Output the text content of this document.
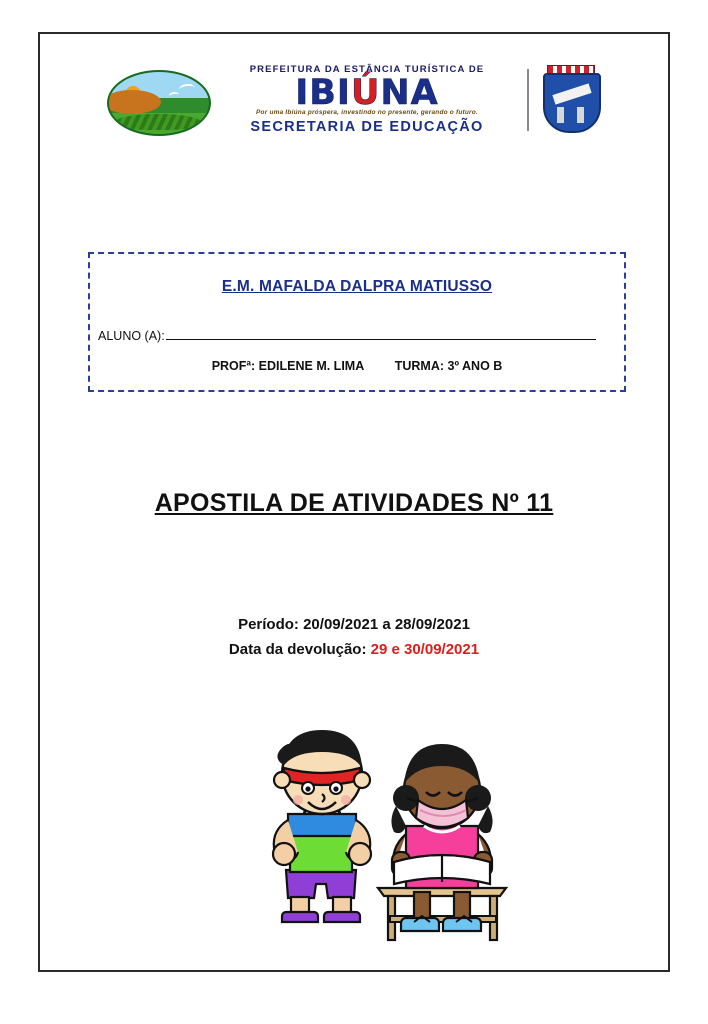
PREFEITURA DA ESTÂNCIA TURÍSTICA DE
IBIÚNA
Por uma Ibiúna próspera, investindo no presente, gerando o futuro.
SECRETARIA DE EDUCAÇÃO
E.M. MAFALDA DALPRA MATIUSSO
ALUNO (A):
PROFª: EDILENE M. LIMA TURMA: 3º ANO B
APOSTILA DE ATIVIDADES Nº 11
Período: 20/09/2021 a 28/09/2021
Data da devolução: 29 e 30/09/2021
